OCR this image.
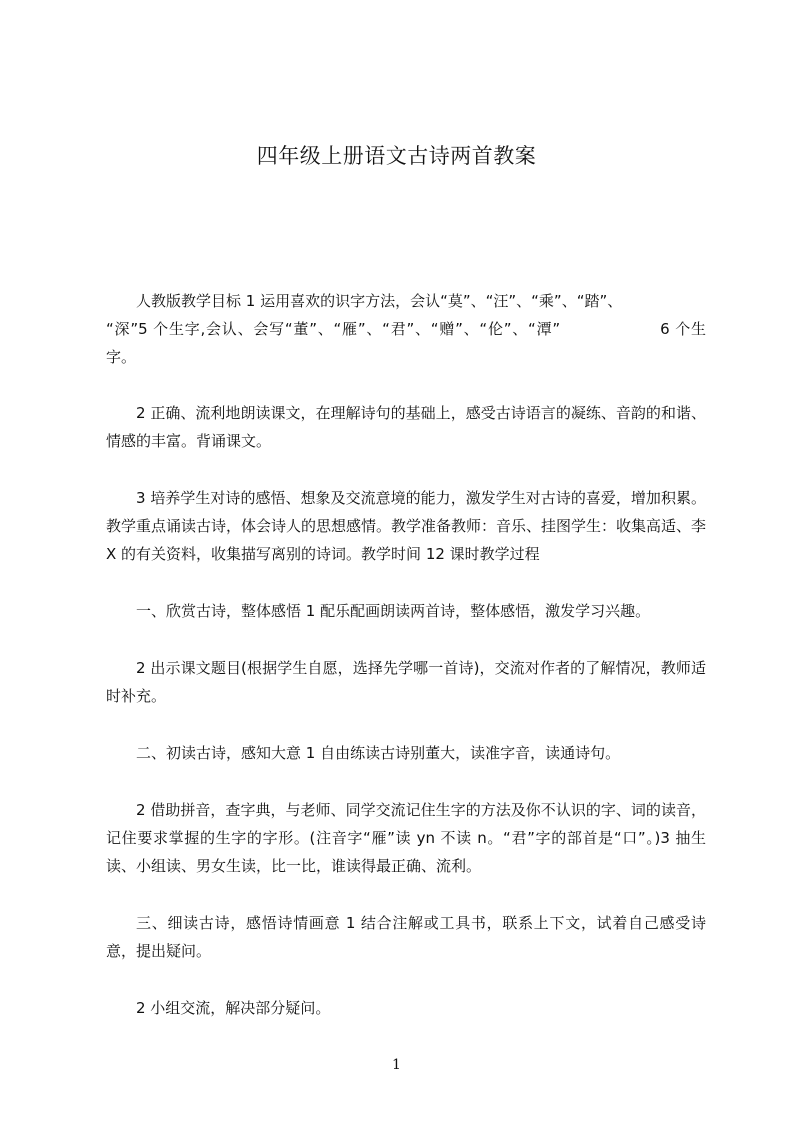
四年级上册语文古诗两首教案

人教版教学目标 1 运用喜欢的识字方法，会认“莫”、“汪”、“乘”、“踏”、
“深”5 个生字,会认、会写“董”、“雁”、“君”、“赠”、“伦”、“潭”	6 个生字。

2 正确、流利地朗读课文，在理解诗句的基础上，感受古诗语言的凝练、音韵的和谐、情感的丰富。背诵课文。

3 培养学生对诗的感悟、想象及交流意境的能力，激发学生对古诗的喜爱，增加积累。教学重点诵读古诗，体会诗人的思想感情。教学准备教师：音乐、挂图学生：收集高适、李 X 的有关资料，收集描写离别的诗词。教学时间 12 课时教学过程

一、欣赏古诗，整体感悟 1 配乐配画朗读两首诗，整体感悟，激发学习兴趣。

2 出示课文题目(根据学生自愿，选择先学哪一首诗)，交流对作者的了解情况，教师适时补充。

二、初读古诗，感知大意 1 自由练读古诗别董大，读准字音，读通诗句。

2 借助拼音，查字典，与老师、同学交流记住生字的方法及你不认识的字、词的读音，记住要求掌握的生字的字形。(注音字“雁”读 yn 不读 n。“君”字的部首是“口”。)3 抽生读、小组读、男女生读，比一比，谁读得最正确、流利。

三、细读古诗，感悟诗情画意 1 结合注解或工具书，联系上下文，试着自己感受诗意，提出疑问。

2 小组交流，解决部分疑问。

1
